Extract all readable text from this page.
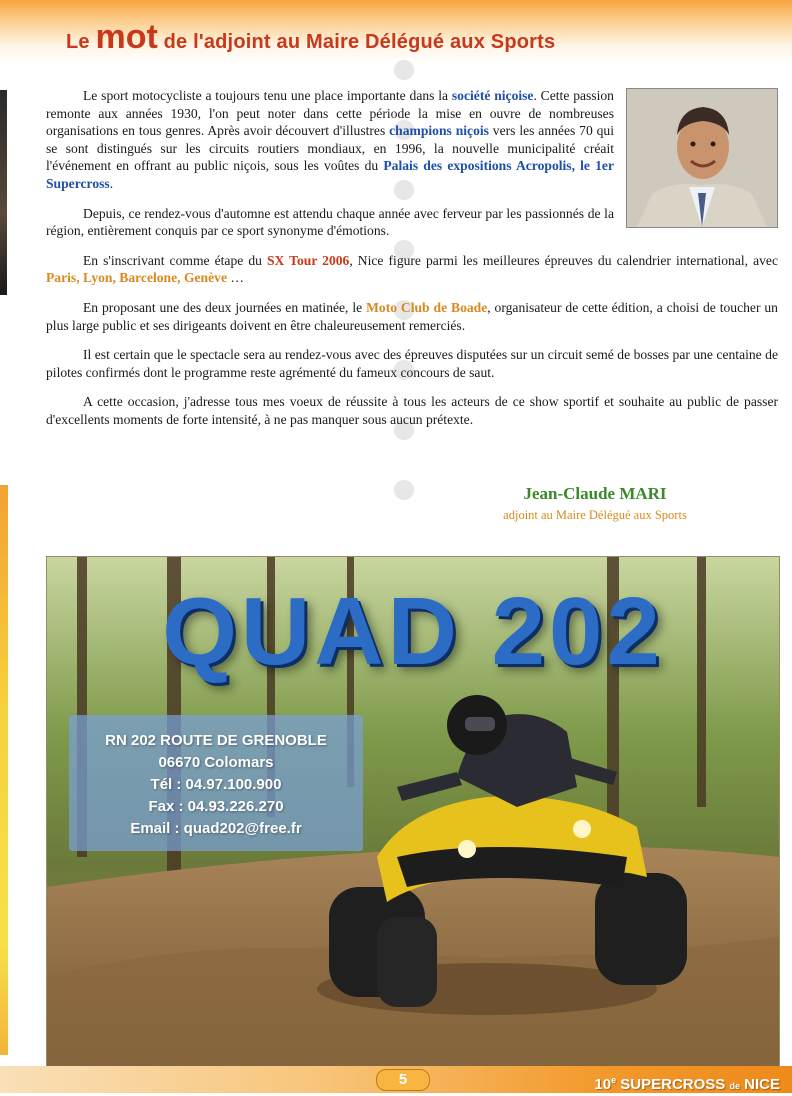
Le mot de l'adjoint au Maire Délégué aux Sports

Le sport motocycliste a toujours tenu une place importante dans la société niçoise. Cette passion remonte aux années 1930, l'on peut noter dans cette période la mise en ouvre de nombreuses organisations en tous genres. Après avoir découvert d'illustres champions niçois vers les années 70 qui se sont distingués sur les circuits routiers mondiaux, en 1996, la nouvelle municipalité créait l'événement en offrant au public niçois, sous les voûtes du Palais des expositions Acropolis, le 1er Supercross.

Depuis, ce rendez-vous d'automne est attendu chaque année avec ferveur par les passionnés de la région, entièrement conquis par ce sport synonyme d'émotions.

En s'inscrivant comme étape du SX Tour 2006, Nice figure parmi les meilleures épreuves du calendrier international, avec Paris, Lyon, Barcelone, Genève …

En proposant une des deux journées en matinée, le Moto Club de Boade, organisateur de cette édition, a choisi de toucher un plus large public et ses dirigeants doivent en être chaleureusement remerciés.

Il est certain que le spectacle sera au rendez-vous avec des épreuves disputées sur un circuit semé de bosses par une centaine de pilotes confirmés dont le programme reste agrémenté du fameux concours de saut.

A cette occasion, j'adresse tous mes voeux de réussite à tous les acteurs de ce show sportif et souhaite au public de passer d'excellents moments de forte intensité, à ne pas manquer sous aucun prétexte.

Jean-Claude MARI
adjoint au Maire Délégué aux Sports
QUAD 202
RN 202 ROUTE DE GRENOBLE
06670 Colomars
Tél : 04.97.100.900
Fax : 04.93.226.270
Email : quad202@free.fr
5	10e SUPERCROSS de NICE
